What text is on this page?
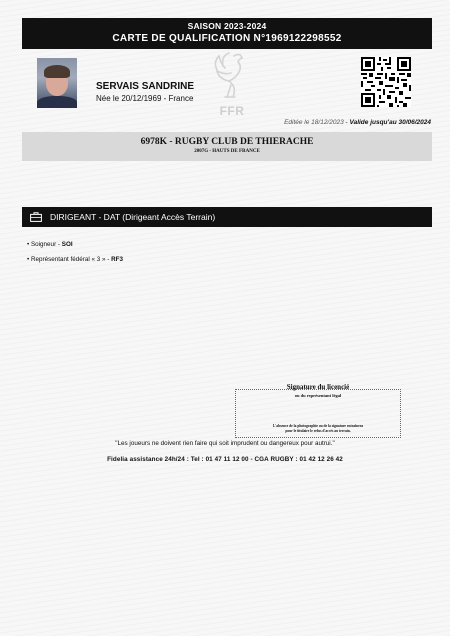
SAISON 2023-2024
CARTE DE QUALIFICATION N°1969122298552
SERVAIS SANDRINE
Née le 20/12/1969 - France
FFR
Editée le 18/12/2023 - Valide jusqu'au 30/06/2024
6978K - RUGBY CLUB DE THIERACHE
2007G - HAUTS DE FRANCE
DIRIGEANT - DAT (Dirigeant Accès Terrain)
• Soigneur - SOI
• Représentant fédéral « 3 » - RF3
Signature du licencié
ou du représentant légal
L'absence de la photographie ou de la signature entraînera
pour le titulaire le refus d'accès au terrain.
"Les joueurs ne doivent rien faire qui soit imprudent ou dangereux pour autrui."
Fidelia assistance 24h/24 : Tel : 01 47 11 12 00 - CGA RUGBY : 01 42 12 26 42
